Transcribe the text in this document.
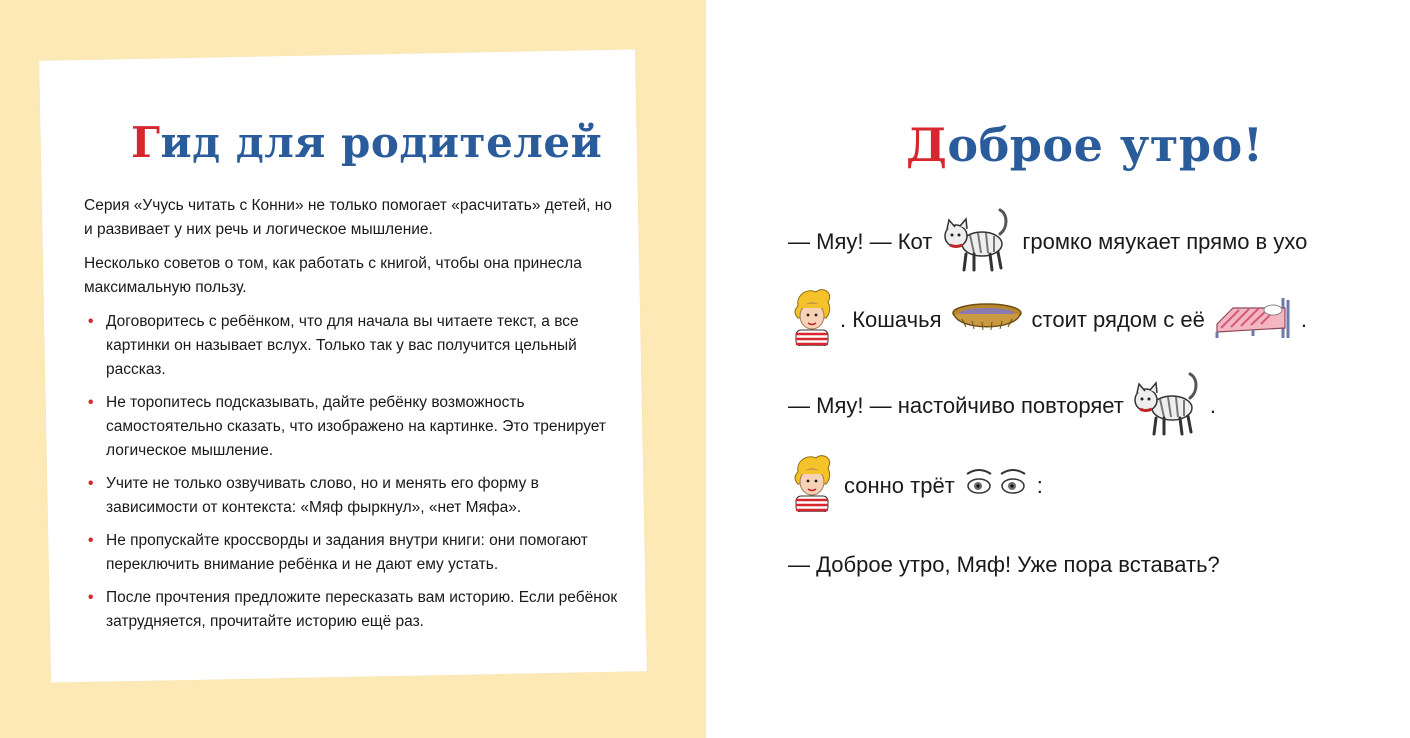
Гид для родителей

Серия «Учусь читать с Конни» не только помогает «расчитать» детей, но и развивает у них речь и логическое мышление.

Несколько советов о том, как работать с книгой, чтобы она принесла максимальную пользу.

• Договоритесь с ребёнком, что для начала вы читаете текст, а все картинки он называет вслух. Только так у вас получится цельный рассказ.
• Не торопитесь подсказывать, дайте ребёнку возможность самостоятельно сказать, что изображено на картинке. Это тренирует логическое мышление.
• Учите не только озвучивать слово, но и менять его форму в зависимости от контекста: «Мяф фыркнул», «нет Мяфа».
• Не пропускайте кроссворды и задания внутри книги: они помогают переключить внимание ребёнка и не дают ему устать.
• После прочтения предложите пересказать вам историю. Если ребёнок затрудняется, прочитайте историю ещё раз.
Доброе утро!
— Мяу! — Кот	громко мяукает прямо в ухо
. Кошачья	стоит рядом с её	.
— Мяу! — настойчиво повторяет	.
сонно трёт	:
— Доброе утро, Мяф! Уже пора вставать?
